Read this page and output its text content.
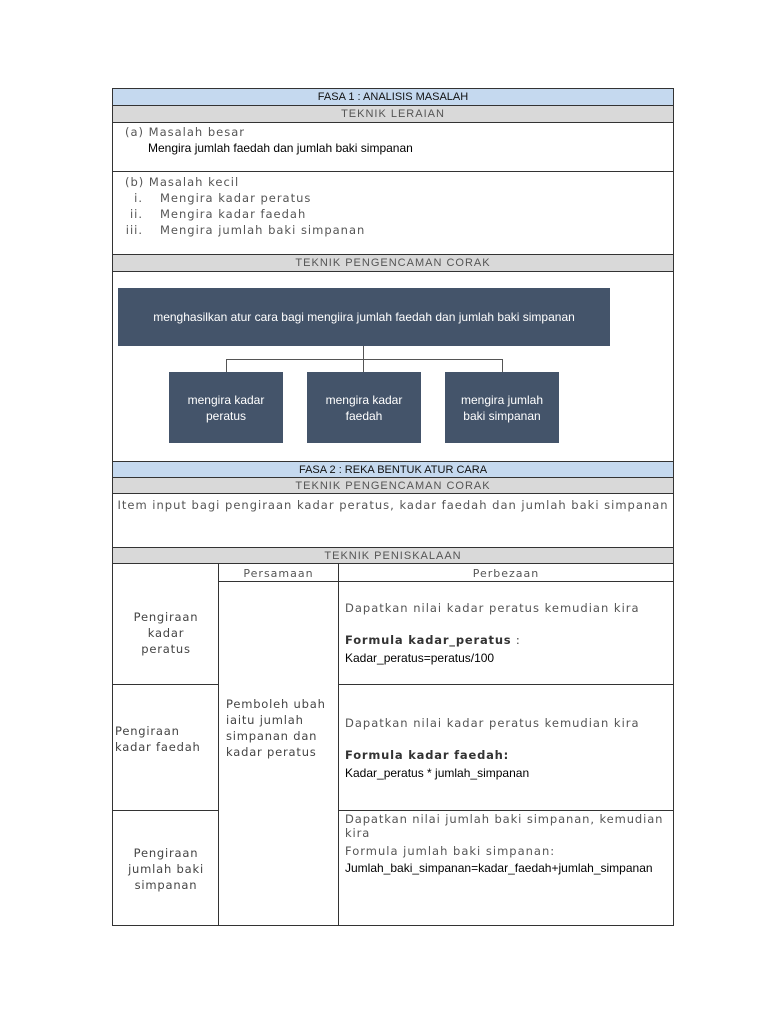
FASA 1 : ANALISIS MASALAH
TEKNIK LERAIAN
(a) Masalah besar
Mengira jumlah faedah dan jumlah baki simpanan
(b) Masalah kecil
i. Mengira kadar peratus
ii. Mengira kadar faedah
iii. Mengira jumlah baki simpanan
TEKNIK PENGENCAMAN CORAK
menghasilkan atur cara bagi mengiira jumlah faedah dan jumlah baki simpanan
mengira kadar peratus
mengira kadar faedah
mengira jumlah baki simpanan
FASA 2 : REKA BENTUK ATUR CARA
TEKNIK PENGENCAMAN CORAK
Item input bagi pengiraan kadar peratus, kadar faedah dan jumlah baki simpanan
TEKNIK PENISKALAAN
Persamaan	Perbezaan
Pengiraan kadar peratus
Pengiraan kadar faedah
Pengiraan jumlah baki simpanan
Pemboleh ubah iaitu jumlah simpanan dan kadar peratus
Dapatkan nilai kadar peratus kemudian kira
Formula kadar_peratus :
Kadar_peratus=peratus/100
Dapatkan nilai kadar peratus kemudian kira
Formula kadar faedah:
Kadar_peratus * jumlah_simpanan
Dapatkan nilai jumlah baki simpanan, kemudian kira
Formula jumlah baki simpanan:
Jumlah_baki_simpanan=kadar_faedah+jumlah_simpanan
